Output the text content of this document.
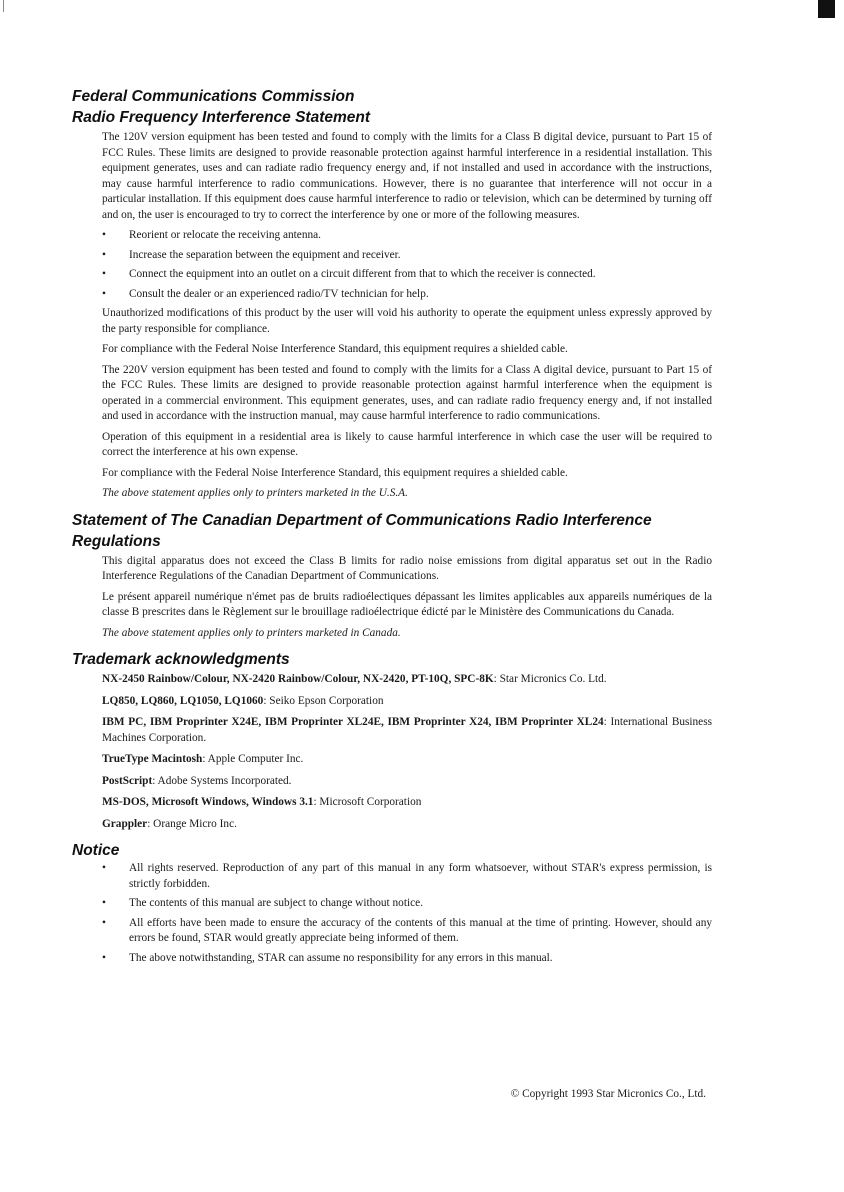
Federal Communications Commission
Radio Frequency Interference Statement

The 120V version equipment has been tested and found to comply with the limits for a Class B digital device, pursuant to Part 15 of FCC Rules. These limits are designed to provide reasonable protection against harmful interference in a residential installation. This equipment generates, uses and can radiate radio frequency energy and, if not installed and used in accordance with the instructions, may cause harmful interference to radio communications. However, there is no guarantee that interference will not occur in a particular installation. If this equipment does cause harmful interference to radio or television, which can be determined by turning off and on, the user is encouraged to try to correct the interference by one or more of the following measures.

• Reorient or relocate the receiving antenna.
• Increase the separation between the equipment and receiver.
• Connect the equipment into an outlet on a circuit different from that to which the receiver is connected.
• Consult the dealer or an experienced radio/TV technician for help.

Unauthorized modifications of this product by the user will void his authority to operate the equipment unless expressly approved by the party responsible for compliance.

For compliance with the Federal Noise Interference Standard, this equipment requires a shielded cable.

The 220V version equipment has been tested and found to comply with the limits for a Class A digital device, pursuant to Part 15 of the FCC Rules. These limits are designed to provide reasonable protection against harmful interference when the equipment is operated in a commercial environment. This equipment generates, uses, and can radiate radio frequency energy and, if not installed and used in accordance with the instruction manual, may cause harmful interference to radio communications.

Operation of this equipment in a residential area is likely to cause harmful interference in which case the user will be required to correct the interference at his own expense.

For compliance with the Federal Noise Interference Standard, this equipment requires a shielded cable.

The above statement applies only to printers marketed in the U.S.A.

Statement of The Canadian Department of Communications Radio Interference Regulations

This digital apparatus does not exceed the Class B limits for radio noise emissions from digital apparatus set out in the Radio Interference Regulations of the Canadian Department of Communications.

Le présent appareil numérique n'émet pas de bruits radioélectiques dépassant les limites applicables aux appareils numériques de la classe B prescrites dans le Règlement sur le brouillage radioélectrique édicté par le Ministère des Communications du Canada.

The above statement applies only to printers marketed in Canada.

Trademark acknowledgments

NX-2450 Rainbow/Colour, NX-2420 Rainbow/Colour, NX-2420, PT-10Q, SPC-8K: Star Micronics Co. Ltd.

LQ850, LQ860, LQ1050, LQ1060: Seiko Epson Corporation

IBM PC, IBM Proprinter X24E, IBM Proprinter XL24E, IBM Proprinter X24, IBM Proprinter XL24: International Business Machines Corporation.

TrueType Macintosh: Apple Computer Inc.

PostScript: Adobe Systems Incorporated.

MS-DOS, Microsoft Windows, Windows 3.1: Microsoft Corporation

Grappler: Orange Micro Inc.

Notice
• All rights reserved. Reproduction of any part of this manual in any form whatsoever, without STAR's express permission, is strictly forbidden.
• The contents of this manual are subject to change without notice.
• All efforts have been made to ensure the accuracy of the contents of this manual at the time of printing. However, should any errors be found, STAR would greatly appreciate being informed of them.
• The above notwithstanding, STAR can assume no responsibility for any errors in this manual.
© Copyright 1993 Star Micronics Co., Ltd.
